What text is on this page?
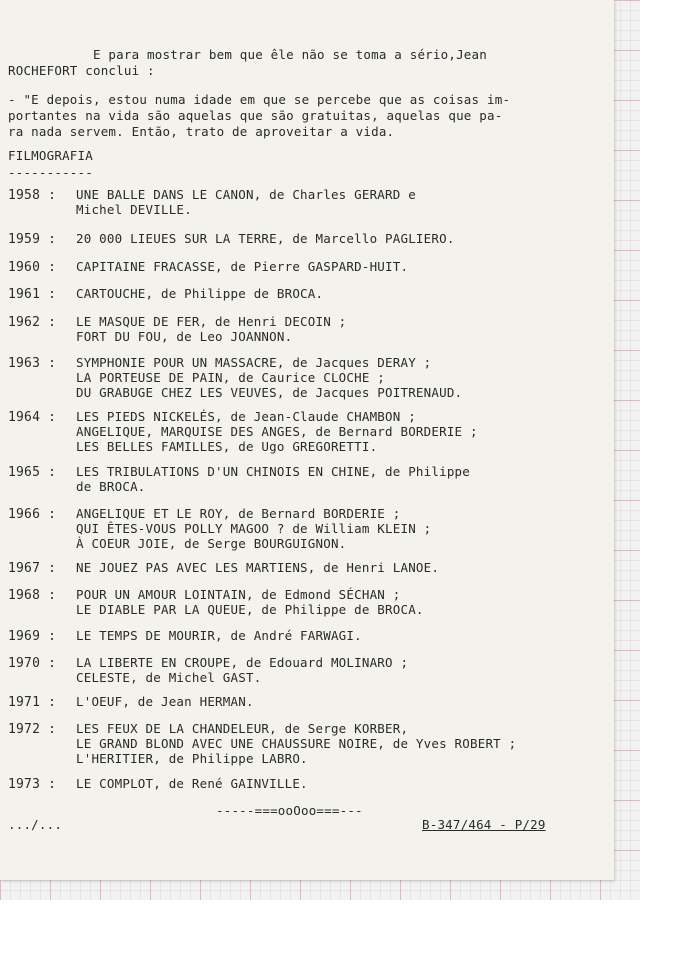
E para mostrar bem que êle não se toma a sério,Jean
ROCHEFORT conclui :
- "E depois, estou numa idade em que se percebe que as coisas im-
portantes na vida são aquelas que são gratuitas, aquelas que pa-
ra nada servem. Então, trato de aproveitar a vida.
FILMOGRAFIA

-----------
1958 : UNE BALLE DANS LE CANON, de Charles GERARD e
Michel DEVILLE.
1959 : 20 000 LIEUES SUR LA TERRE, de Marcello PAGLIERO.
1960 : CAPITAINE FRACASSE, de Pierre GASPARD-HUIT.
1961 : CARTOUCHE, de Philippe de BROCA.
1962 : LE MASQUE DE FER, de Henri DECOIN ;
FORT DU FOU, de Leo JOANNON.
1963 : SYMPHONIE POUR UN MASSACRE, de Jacques DERAY ;
LA PORTEUSE DE PAIN, de Caurice CLOCHE ;
DU GRABUGE CHEZ LES VEUVES, de Jacques POITRENAUD.
1964 : LES PIEDS NICKELÉS, de Jean-Claude CHAMBON ;
ANGELIQUE, MARQUISE DES ANGES, de Bernard BORDERIE ;
LES BELLES FAMILLES, de Ugo GREGORETTI.
1965 : LES TRIBULATIONS D'UN CHINOIS EN CHINE, de Philippe
de BROCA.
1966 : ANGELIQUE ET LE ROY, de Bernard BORDERIE ;
QUI ÊTES-VOUS POLLY MAGOO ? de William KLEIN ;
À COEUR JOIE, de Serge BOURGUIGNON.
1967 : NE JOUEZ PAS AVEC LES MARTIENS, de Henri LANOE.
1968 : POUR UN AMOUR LOINTAIN, de Edmond SÉCHAN ;
LE DIABLE PAR LA QUEUE, de Philippe de BROCA.
1969 : LE TEMPS DE MOURIR, de André FARWAGI.
1970 : LA LIBERTE EN CROUPE, de Edouard MOLINARO ;
CELESTE, de Michel GAST.
1971 : L'OEUF, de Jean HERMAN.
1972 : LES FEUX DE LA CHANDELEUR, de Serge KORBER,
LE GRAND BLOND AVEC UNE CHAUSSURE NOIRE, de Yves ROBERT ;
L'HERITIER, de Philippe LABRO.
1973 : LE COMPLOT, de René GAINVILLE.
-----===ooOoo===---
.../...	B-347/464 - P/29
